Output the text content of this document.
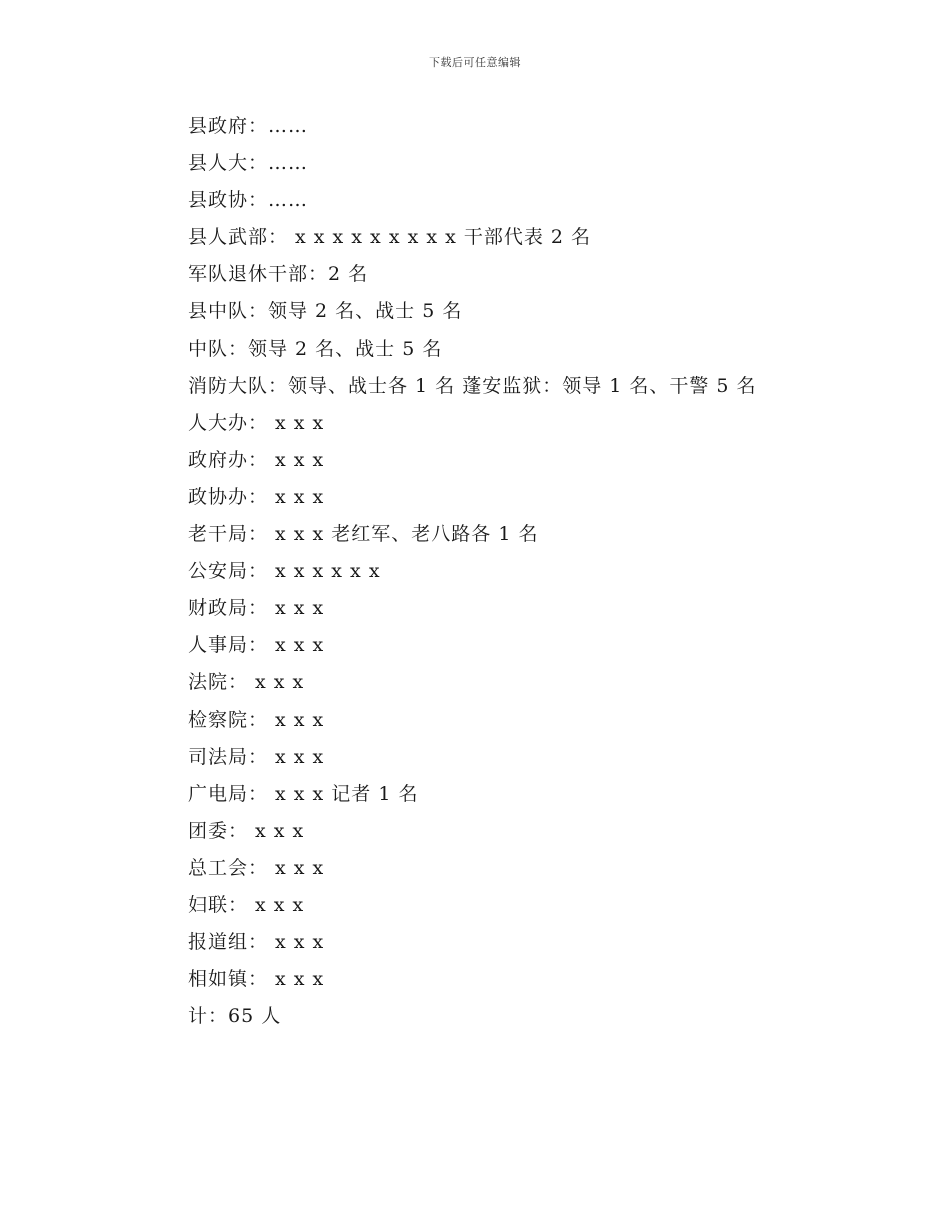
下载后可任意编辑
县政府：……
县人大：……
县政协：……
县人武部： x x x x x x x x x 干部代表 2 名
军队退休干部：2 名
县中队：领导 2 名、战士 5 名
中队：领导 2 名、战士 5 名
消防大队：领导、战士各 1 名 蓬安监狱：领导 1 名、干警 5 名
人大办： x x x
政府办： x x x
政协办： x x x
老干局： x x x 老红军、老八路各 1 名
公安局： x x x x x x
财政局： x x x
人事局： x x x
法院： x x x
检察院： x x x
司法局： x x x
广电局： x x x 记者 1 名
团委： x x x
总工会： x x x
妇联： x x x
报道组： x x x
相如镇： x x x
计：65 人
